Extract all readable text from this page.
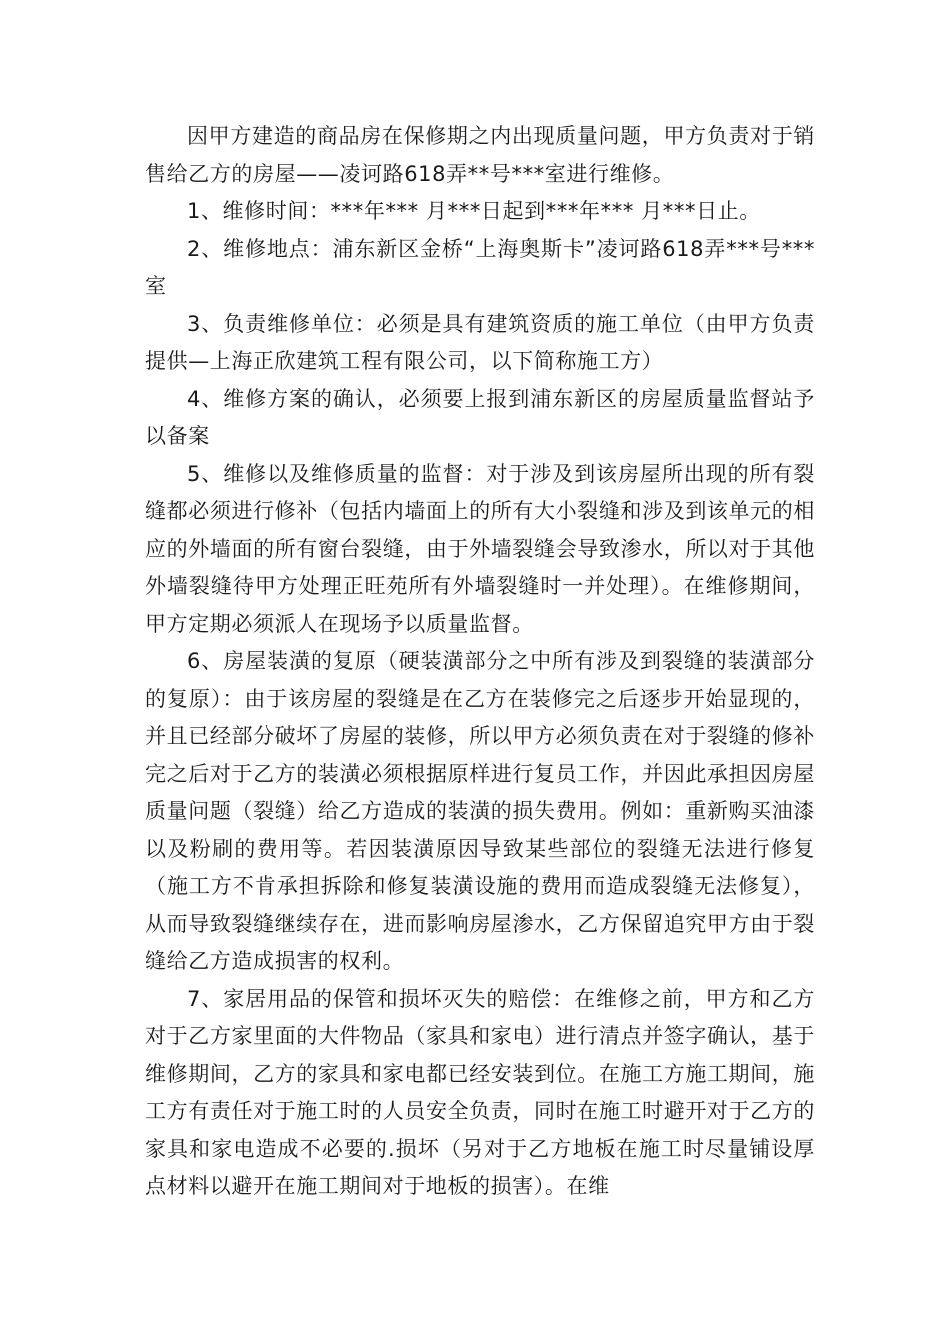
因甲方建造的商品房在保修期之内出现质量问题，甲方负责对于销售给乙方的房屋——凌诃路618弄**号***室进行维修。

1、维修时间：***年*** 月***日起到***年*** 月***日止。

2、维修地点：浦东新区金桥“上海奥斯卡”凌诃路618弄***号***室

3、负责维修单位：必须是具有建筑资质的施工单位（由甲方负责提供—上海正欣建筑工程有限公司，以下简称施工方）

4、维修方案的确认，必须要上报到浦东新区的房屋质量监督站予以备案

5、维修以及维修质量的监督：对于涉及到该房屋所出现的所有裂缝都必须进行修补（包括内墙面上的所有大小裂缝和涉及到该单元的相应的外墙面的所有窗台裂缝，由于外墙裂缝会导致渗水，所以对于其他外墙裂缝待甲方处理正旺苑所有外墙裂缝时一并处理）。在维修期间，甲方定期必须派人在现场予以质量监督。

6、房屋装潢的复原（硬装潢部分之中所有涉及到裂缝的装潢部分的复原）：由于该房屋的裂缝是在乙方在装修完之后逐步开始显现的，并且已经部分破坏了房屋的装修，所以甲方必须负责在对于裂缝的修补完之后对于乙方的装潢必须根据原样进行复员工作，并因此承担因房屋质量问题（裂缝）给乙方造成的装潢的损失费用。例如：重新购买油漆以及粉刷的费用等。若因装潢原因导致某些部位的裂缝无法进行修复（施工方不肯承担拆除和修复装潢设施的费用而造成裂缝无法修复），从而导致裂缝继续存在，进而影响房屋渗水，乙方保留追究甲方由于裂缝给乙方造成损害的权利。

7、家居用品的保管和损坏灭失的赔偿：在维修之前，甲方和乙方对于乙方家里面的大件物品（家具和家电）进行清点并签字确认，基于维修期间，乙方的家具和家电都已经安装到位。在施工方施工期间，施工方有责任对于施工时的人员安全负责，同时在施工时避开对于乙方的家具和家电造成不必要的.损坏（另对于乙方地板在施工时尽量铺设厚点材料以避开在施工期间对于地板的损害）。在维
